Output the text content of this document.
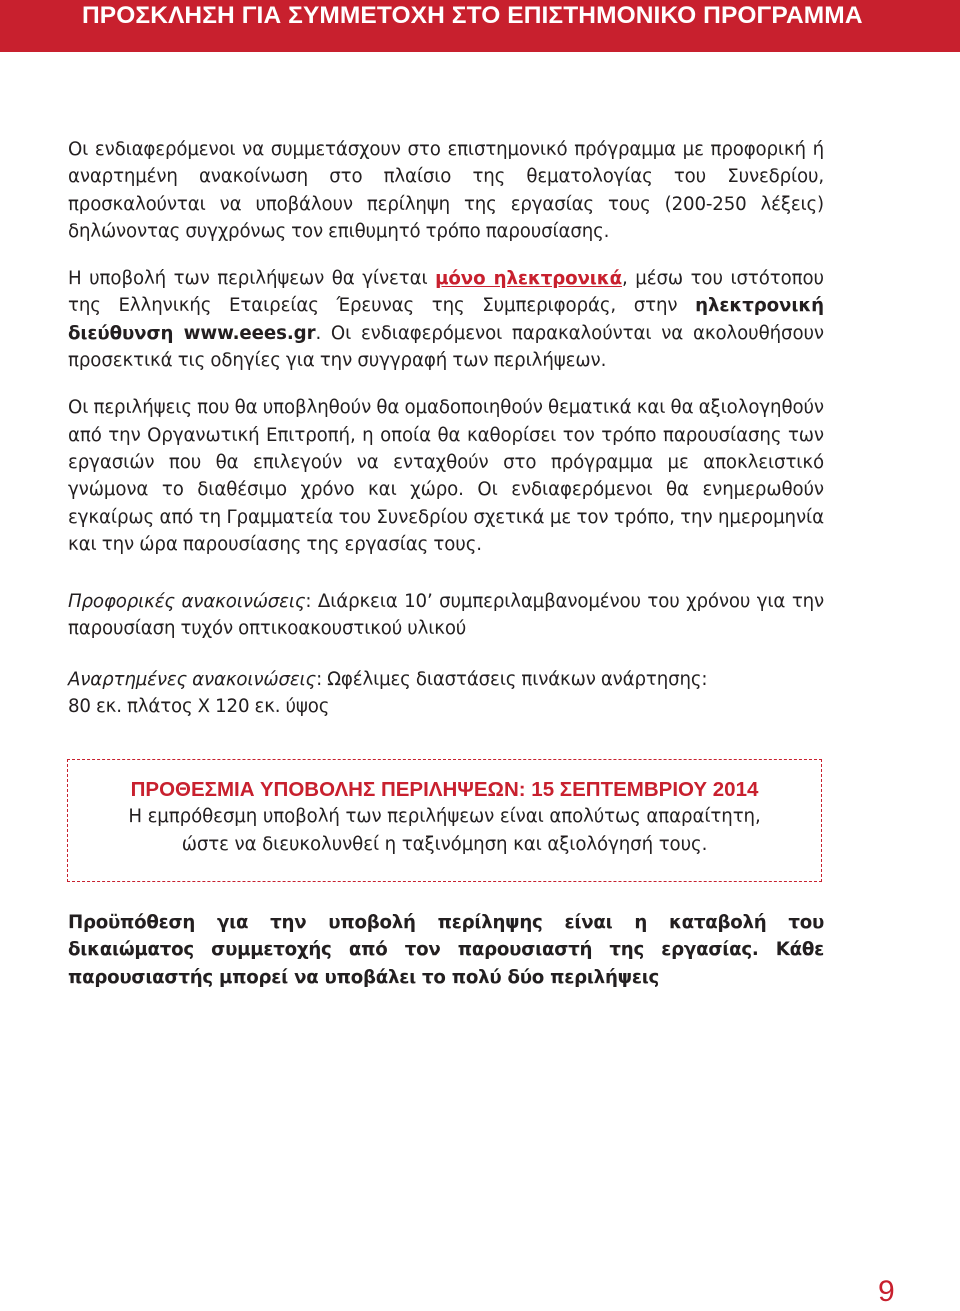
ΠΡΟΣΚΛΗΣΗ ΓΙΑ ΣΥΜΜΕΤΟΧΗ ΣΤΟ ΕΠΙΣΤΗΜΟΝΙΚΟ ΠΡΟΓΡΑΜΜΑ

Οι ενδιαφερόμενοι να συμμετάσχουν στο επιστημονικό πρόγραμμα με προφορική ή αναρτημένη ανακοίνωση στο πλαίσιο της θεματολογίας του Συνεδρίου, προσκαλούνται να υποβάλουν περίληψη της εργασίας τους (200-250 λέξεις) δηλώνοντας συγχρόνως τον επιθυμητό τρόπο παρουσίασης.

Η υποβολή των περιλήψεων θα γίνεται μόνο ηλεκτρονικά, μέσω του ιστότοπου της Ελληνικής Εταιρείας Έρευνας της Συμπεριφοράς, στην ηλεκτρονική διεύθυνση www.eees.gr. Οι ενδιαφερόμενοι παρακαλούνται να ακολουθήσουν προσεκτικά τις οδηγίες για την συγγραφή των περιλήψεων.

Οι περιλήψεις που θα υποβληθούν θα ομαδοποιηθούν θεματικά και θα αξιολογηθούν από την Οργανωτική Επιτροπή, η οποία θα καθορίσει τον τρόπο παρουσίασης των εργασιών που θα επιλεγούν να ενταχθούν στο πρόγραμμα με αποκλειστικό γνώμονα το διαθέσιμο χρόνο και χώρο. Οι ενδιαφερόμενοι θα ενημερωθούν εγκαίρως από τη Γραμματεία του Συνεδρίου σχετικά με τον τρόπο, την ημερομηνία και την ώρα παρουσίασης της εργασίας τους.

Προφορικές ανακοινώσεις: Διάρκεια 10’ συμπεριλαμβανομένου του χρόνου για την παρουσίαση τυχόν οπτικοακουστικού υλικού

Αναρτημένες ανακοινώσεις: Ωφέλιμες διαστάσεις πινάκων ανάρτησης:
80 εκ. πλάτος Χ 120 εκ. ύψος

ΠΡΟΘΕΣΜΙΑ ΥΠΟΒΟΛΗΣ ΠΕΡΙΛΗΨΕΩΝ: 15 ΣΕΠΤΕΜΒΡΙΟΥ 2014

Η εμπρόθεσμη υποβολή των περιλήψεων είναι απολύτως απαραίτητη,

ώστε να διευκολυνθεί η ταξινόμηση και αξιολόγησή τους.

Προϋπόθεση για την υποβολή περίληψης είναι η καταβολή του δικαιώματος συμμετοχής από τον παρουσιαστή της εργασίας. Κάθε παρουσιαστής μπορεί να υποβάλει το πολύ δύο περιλήψεις

9
